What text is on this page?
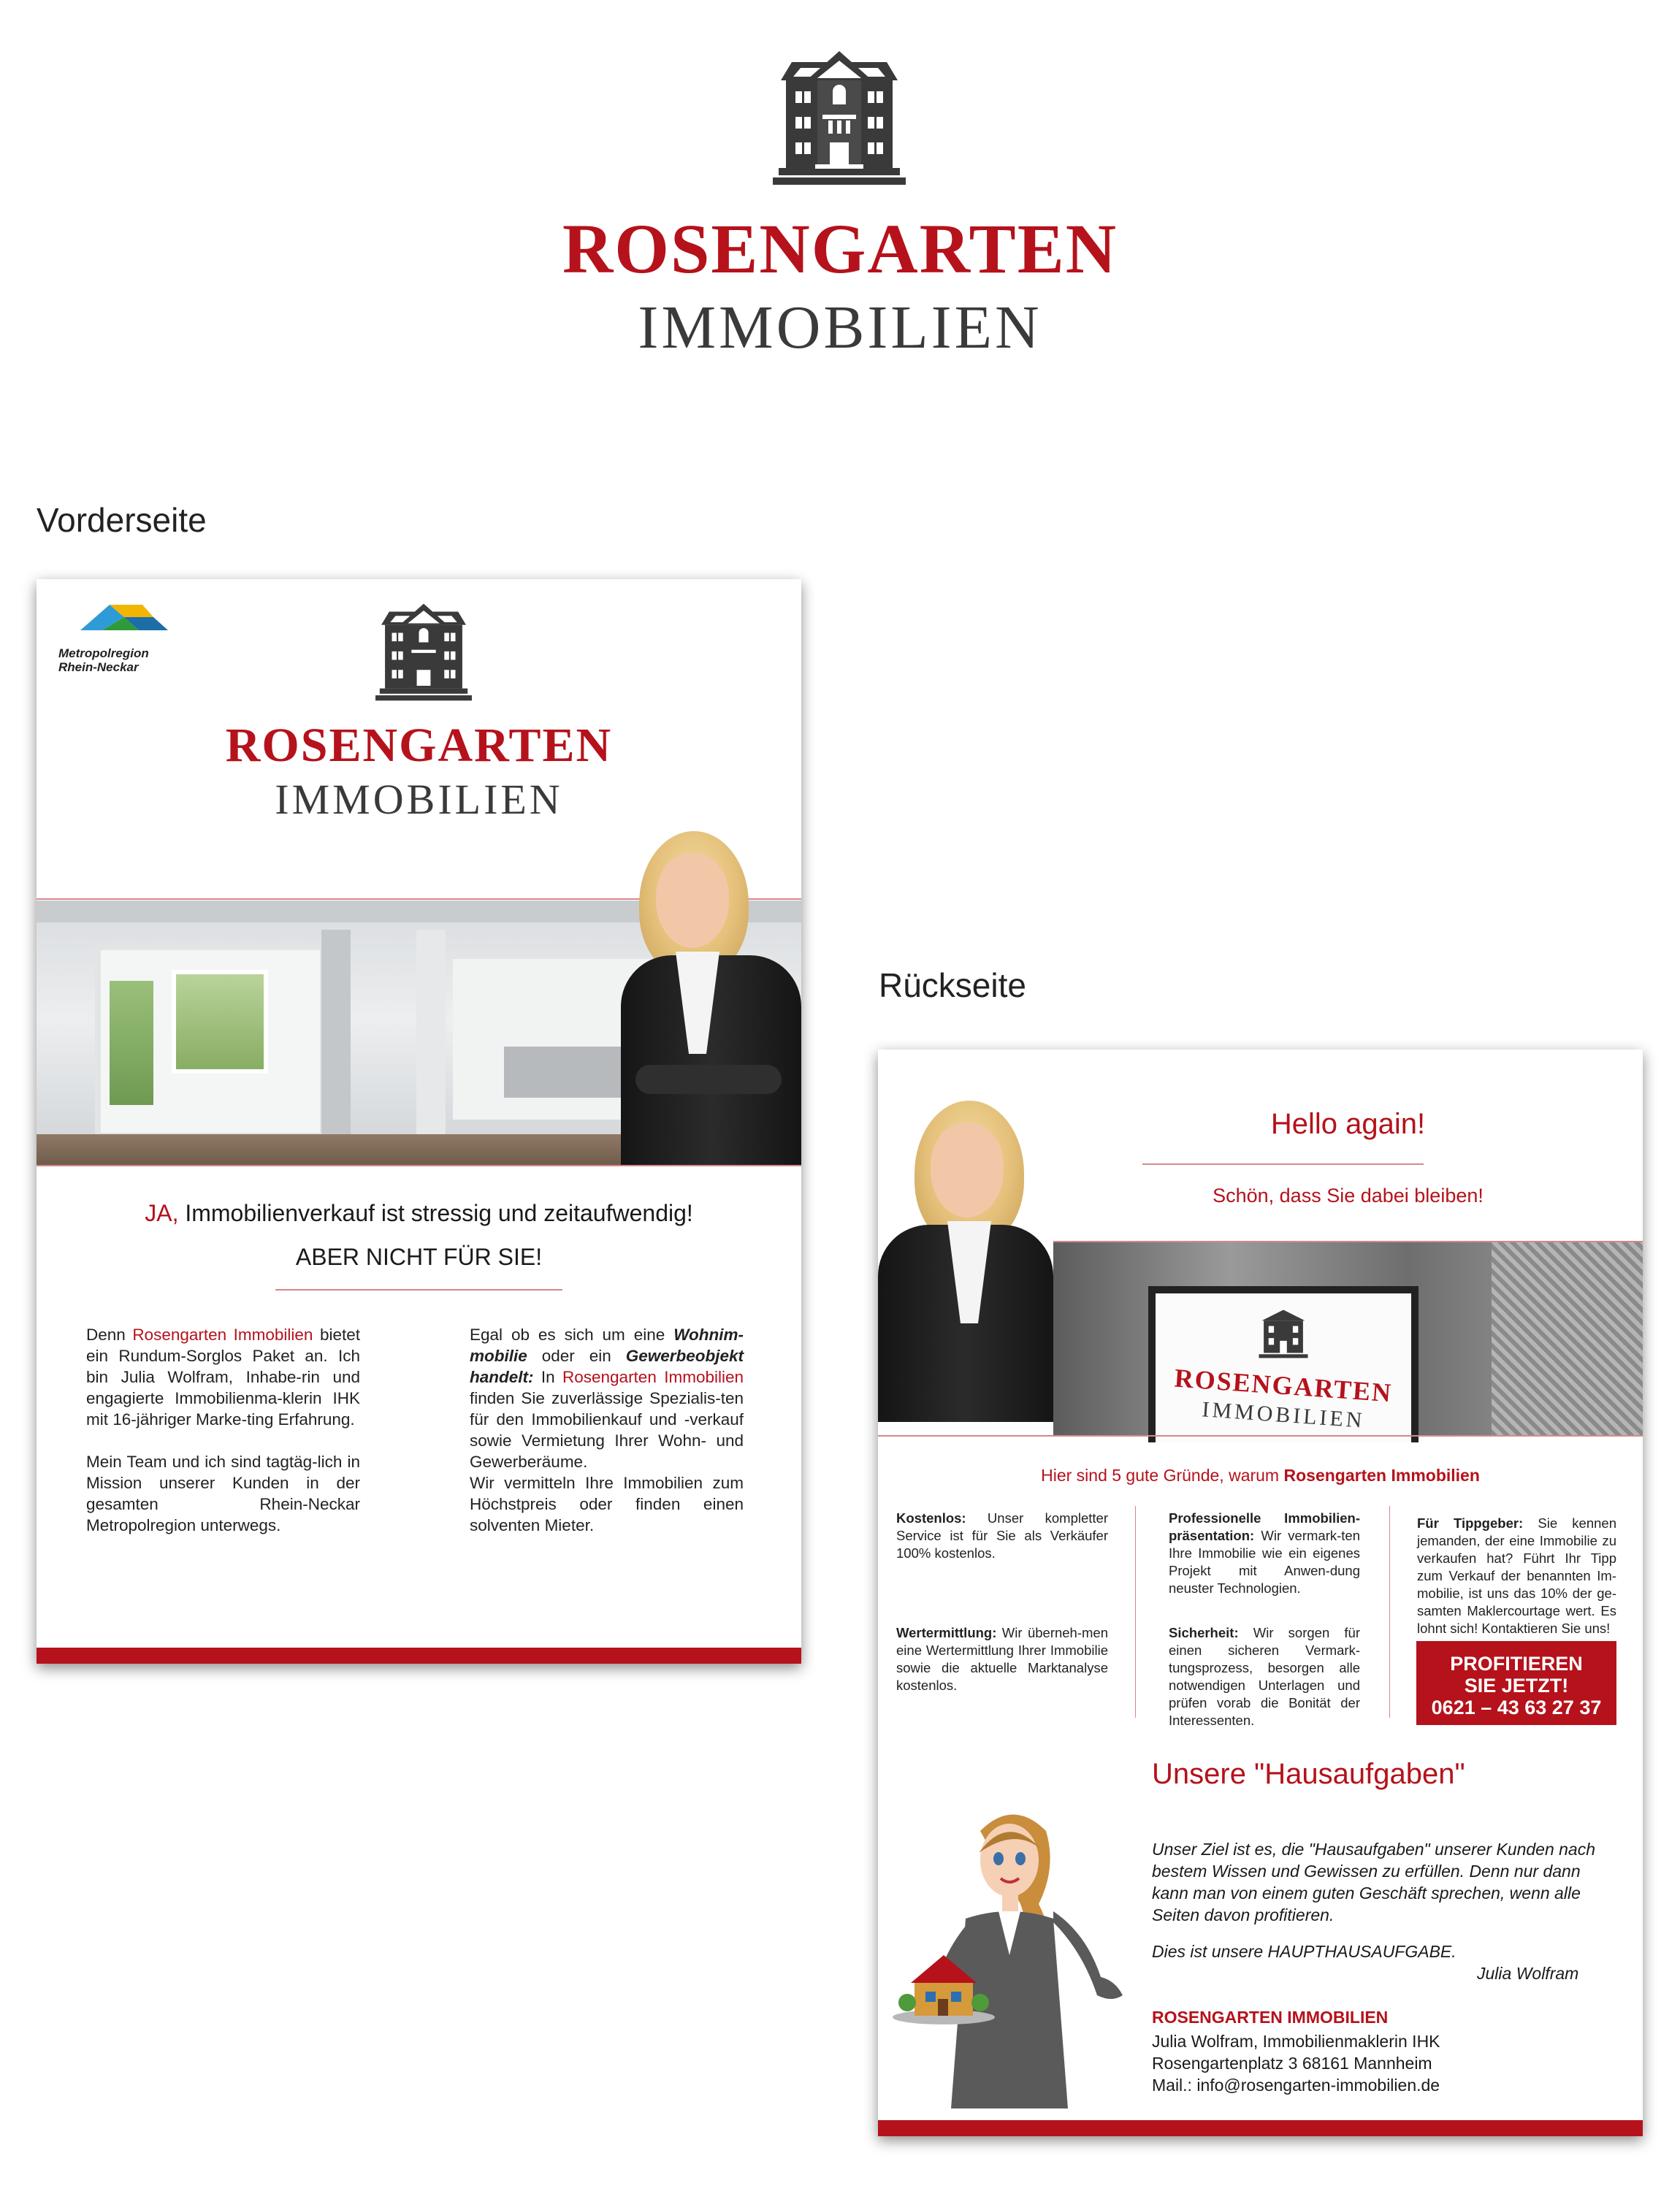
ROSENGARTEN
IMMOBILIEN
Vorderseite
Rückseite
Metropolregion
Rhein-Neckar
ROSENGARTEN
IMMOBILIEN
JA, Immobilienverkauf ist stressig und zeitaufwendig!
ABER NICHT FÜR SIE!

Denn Rosengarten Immobilien bietet ein Rundum-Sorglos Paket an. Ich bin Julia Wolfram, Inhabe-rin und engagierte Immobilienma-klerin IHK mit 16-jähriger Marke-ting Erfahrung.

Mein Team und ich sind tagtäg-lich in Mission unserer Kunden in der gesamten Rhein-Neckar Metropolregion unterwegs.

Egal ob es sich um eine Wohnim-mobilie oder ein Gewerbeobjekt handelt: In Rosengarten Immobilien finden Sie zuverlässige Spezialis-ten für den Immobilienkauf und -verkauf sowie Vermietung Ihrer Wohn- und Gewerberäume.

Wir vermitteln Ihre Immobilien zum Höchstpreis oder finden einen solventen Mieter.

Hello again!
Schön, dass Sie dabei bleiben!
ROSENGARTEN
IMMOBILIEN
Hier sind 5 gute Gründe, warum Rosengarten Immobilien
Kostenlos: Unser kompletter Service ist für Sie als Verkäufer 100% kostenlos.
Wertermittlung: Wir überneh-men eine Wertermittlung Ihrer Immobilie sowie die aktuelle Marktanalyse kostenlos.
Professionelle Immobilien-präsentation: Wir vermark-ten Ihre Immobilie wie ein eigenes Projekt mit Anwen-dung neuster Technologien.
Sicherheit: Wir sorgen für einen sicheren Vermark-tungsprozess, besorgen alle notwendigen Unterlagen und prüfen vorab die Bonität der Interessenten.
Für Tippgeber: Sie kennen jemanden, der eine Immobilie zu verkaufen hat? Führt Ihr Tipp zum Verkauf der benannten Im-mobilie, ist uns das 10% der ge-samten Maklercourtage wert. Es lohnt sich! Kontaktieren Sie uns!
PROFITIEREN
SIE JETZT!
0621 – 43 63 27 37
Unsere "Hausaufgaben"
Unser Ziel ist es, die "Hausaufgaben" unserer Kunden nach bestem Wissen und Gewissen zu erfüllen. Denn nur dann kann man von einem guten Geschäft sprechen, wenn alle Seiten davon profitieren.
Dies ist unsere HAUPTHAUSAUFGABE.
Julia Wolfram
ROSENGARTEN IMMOBILIEN
Julia Wolfram, Immobilienmaklerin IHK
Rosengartenplatz 3 68161 Mannheim
Mail.: info@rosengarten-immobilien.de
